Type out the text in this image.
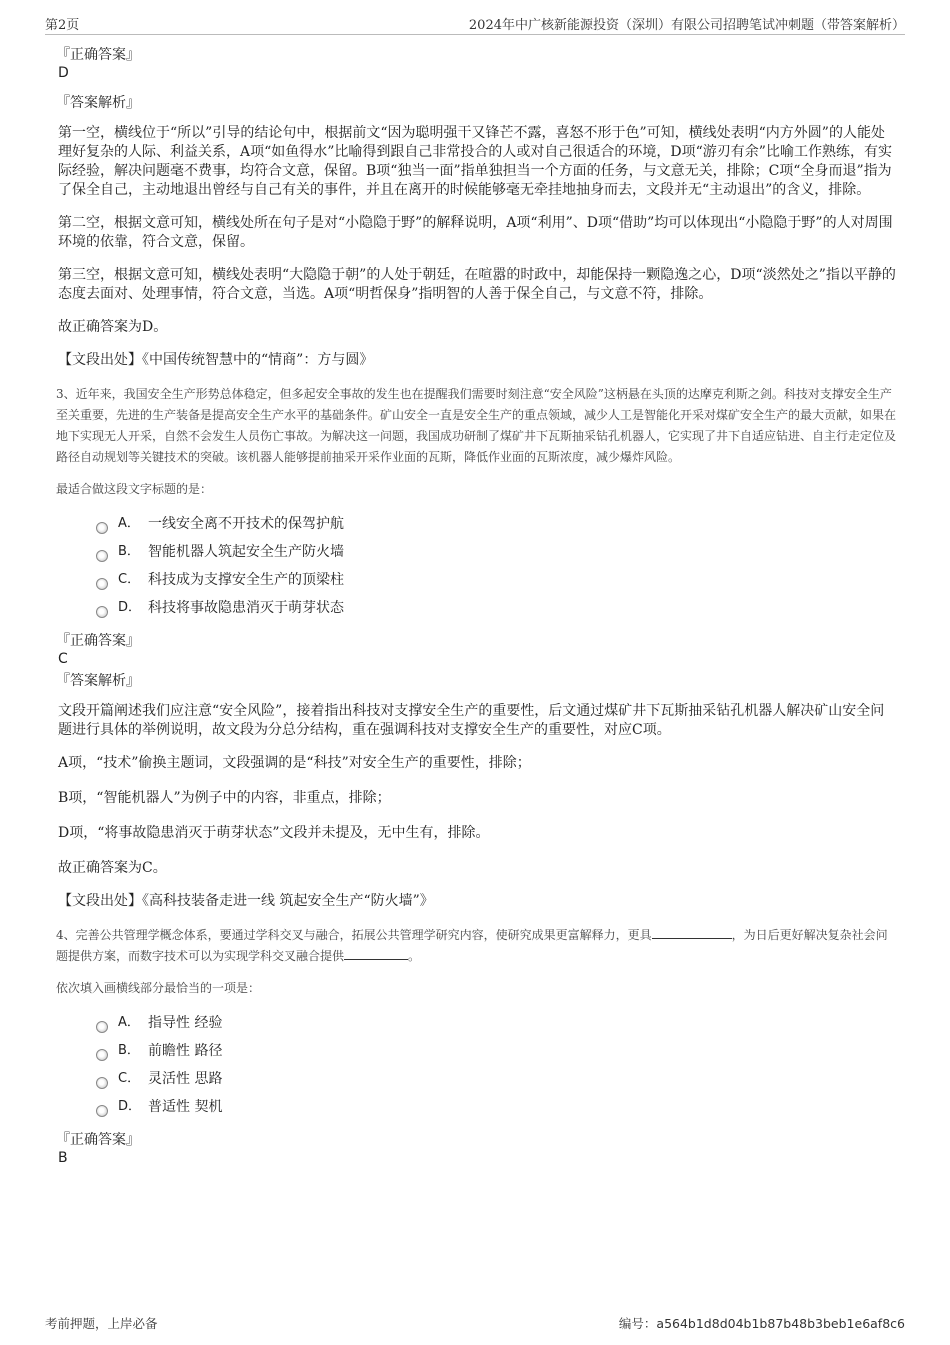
第2页	2024年中广核新能源投资（深圳）有限公司招聘笔试冲刺题（带答案解析）

『正确答案』

D

『答案解析』

第一空，横线位于“所以”引导的结论句中，根据前文“因为聪明强干又锋芒不露，喜怒不形于色”可知，横线处表明“内方外圆”的人能处理好复杂的人际、利益关系，A项“如鱼得水”比喻得到跟自己非常投合的人或对自己很适合的环境，D项“游刃有余”比喻工作熟练，有实际经验，解决问题毫不费事，均符合文意，保留。B项“独当一面”指单独担当一个方面的任务，与文意无关，排除；C项“全身而退”指为了保全自己，主动地退出曾经与自己有关的事件，并且在离开的时候能够毫无牵挂地抽身而去，文段并无“主动退出”的含义，排除。

第二空，根据文意可知，横线处所在句子是对“小隐隐于野”的解释说明，A项“利用”、D项“借助”均可以体现出“小隐隐于野”的人对周围环境的依靠，符合文意，保留。

第三空，根据文意可知，横线处表明“大隐隐于朝”的人处于朝廷，在喧嚣的时政中，却能保持一颗隐逸之心，D项“淡然处之”指以平静的态度去面对、处理事情，符合文意，当选。A项“明哲保身”指明智的人善于保全自己，与文意不符，排除。

故正确答案为D。

【文段出处】《中国传统智慧中的“情商”：方与圆》

3、近年来，我国安全生产形势总体稳定，但多起安全事故的发生也在提醒我们需要时刻注意“安全风险”这柄悬在头顶的达摩克利斯之剑。科技对支撑安全生产至关重要，先进的生产装备是提高安全生产水平的基础条件。矿山安全一直是安全生产的重点领域，减少人工是智能化开采对煤矿安全生产的最大贡献，如果在地下实现无人开采，自然不会发生人员伤亡事故。为解决这一问题，我国成功研制了煤矿井下瓦斯抽采钻孔机器人，它实现了井下自适应钻进、自主行走定位及路径自动规划等关键技术的突破。该机器人能够提前抽采开采作业面的瓦斯，降低作业面的瓦斯浓度，减少爆炸风险。

最适合做这段文字标题的是：

A． 一线安全离不开技术的保驾护航
B． 智能机器人筑起安全生产防火墙
C． 科技成为支撑安全生产的顶梁柱
D． 科技将事故隐患消灭于萌芽状态

『正确答案』

C

『答案解析』

文段开篇阐述我们应注意“安全风险”，接着指出科技对支撑安全生产的重要性，后文通过煤矿井下瓦斯抽采钻孔机器人解决矿山安全问题进行具体的举例说明，故文段为分总分结构，重在强调科技对支撑安全生产的重要性，对应C项。

A项，“技术”偷换主题词，文段强调的是“科技”对安全生产的重要性，排除；

B项，“智能机器人”为例子中的内容，非重点，排除；

D项，“将事故隐患消灭于萌芽状态”文段并未提及，无中生有，排除。

故正确答案为C。

【文段出处】《高科技装备走进一线 筑起安全生产“防火墙”》

4、完善公共管理学概念体系，要通过学科交叉与融合，拓展公共管理学研究内容，使研究成果更富解释力，更具	，为日后更好解决复杂社会问题提供方案，而数字技术可以为实现学科交叉融合提供	。

依次填入画横线部分最恰当的一项是：

A． 指导性 经验
B． 前瞻性 路径
C． 灵活性 思路
D． 普适性 契机

『正确答案』

B

考前押题，上岸必备	编号：a564b1d8d04b1b87b48b3beb1e6af8c6
